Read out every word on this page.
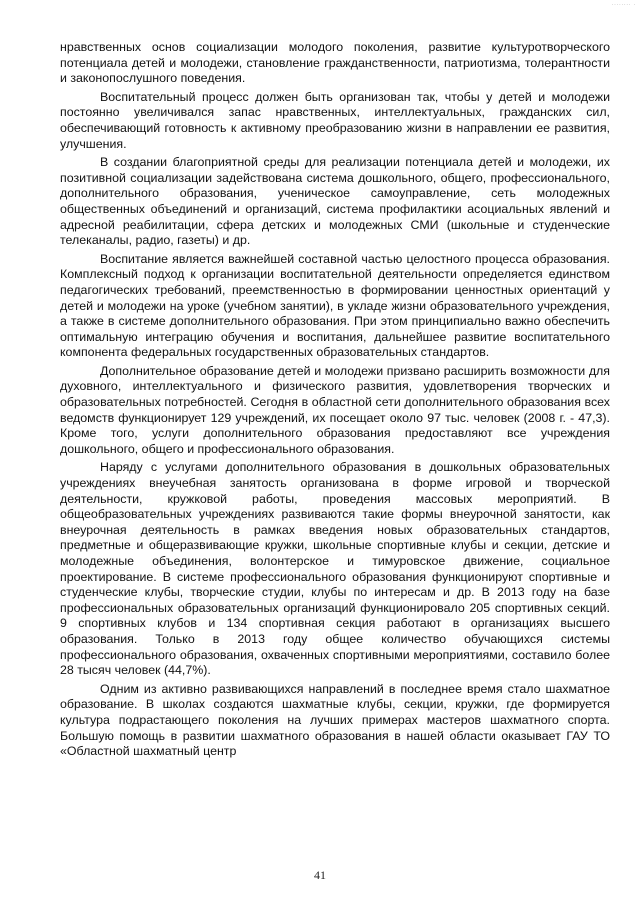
........ .

нравственных основ социализации молодого поколения, развитие культуротворческого потенциала детей и молодежи, становление гражданственности, патриотизма, толерантности и законопослушного поведения.

Воспитательный процесс должен быть организован так, чтобы у детей и молодежи постоянно увеличивался запас нравственных, интеллектуальных, гражданских сил, обеспечивающий готовность к активному преобразованию жизни в направлении ее развития, улучшения.

В создании благоприятной среды для реализации потенциала детей и молодежи, их позитивной социализации задействована система дошкольного, общего, профессионального, дополнительного образования, ученическое самоуправление, сеть молодежных общественных объединений и организаций, система профилактики асоциальных явлений и адресной реабилитации, сфера детских и молодежных СМИ (школьные и студенческие телеканалы, радио, газеты) и др.

Воспитание является важнейшей составной частью целостного процесса образования. Комплексный подход к организации воспитательной деятельности определяется единством педагогических требований, преемственностью в формировании ценностных ориентаций у детей и молодежи на уроке (учебном занятии), в укладе жизни образовательного учреждения, а также в системе дополнительного образования. При этом принципиально важно обеспечить оптимальную интеграцию обучения и воспитания, дальнейшее развитие воспитательного компонента федеральных государственных образовательных стандартов.

Дополнительное образование детей и молодежи призвано расширить возможности для духовного, интеллектуального и физического развития, удовлетворения творческих и образовательных потребностей. Сегодня в областной сети дополнительного образования всех ведомств функционирует 129 учреждений, их посещает около 97 тыс. человек (2008 г. - 47,3). Кроме того, услуги дополнительного образования предоставляют все учреждения дошкольного, общего и профессионального образования.

Наряду с услугами дополнительного образования в дошкольных образовательных учреждениях внеучебная занятость организована в форме игровой и творческой деятельности, кружковой работы, проведения массовых мероприятий. В общеобразовательных учреждениях развиваются такие формы внеурочной занятости, как внеурочная деятельность в рамках введения новых образовательных стандартов, предметные и общеразвивающие кружки, школьные спортивные клубы и секции, детские и молодежные объединения, волонтерское и тимуровское движение, социальное проектирование. В системе профессионального образования функционируют спортивные и студенческие клубы, творческие студии, клубы по интересам и др. В 2013 году на базе профессиональных образовательных организаций функционировало 205 спортивных секций. 9 спортивных клубов и 134 спортивная секция работают в организациях высшего образования. Только в 2013 году общее количество обучающихся системы профессионального образования, охваченных спортивными мероприятиями, составило более 28 тысяч человек (44,7%).

Одним из активно развивающихся направлений в последнее время стало шахматное образование. В школах создаются шахматные клубы, секции, кружки, где формируется культура подрастающего поколения на лучших примерах мастеров шахматного спорта. Большую помощь в развитии шахматного образования в нашей области оказывает ГАУ ТО «Областной шахматный центр

41
